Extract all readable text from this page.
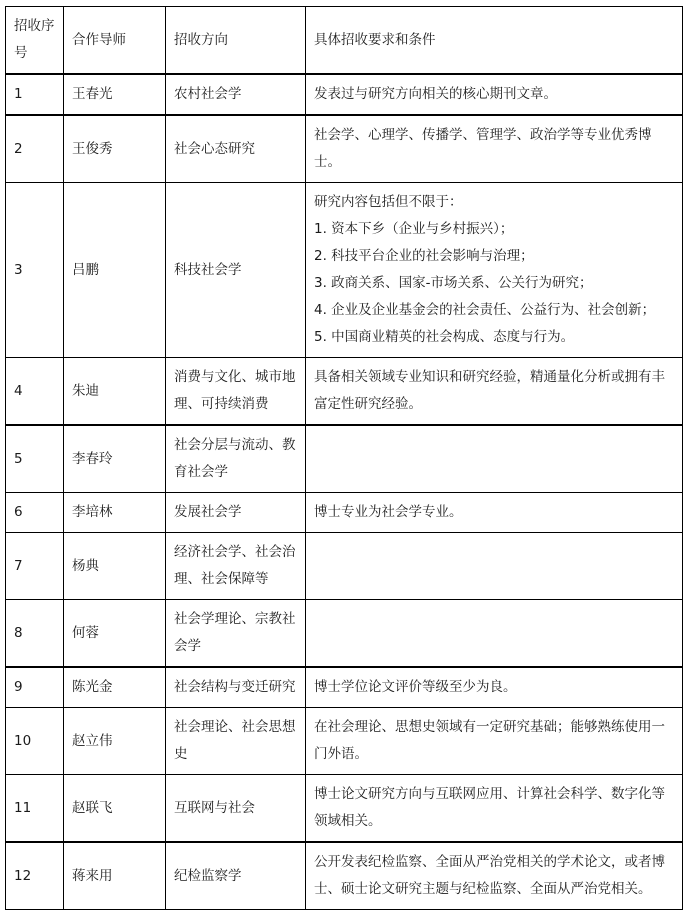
招收序号	合作导师	招收方向	具体招收要求和条件
1	王春光	农村社会学	发表过与研究方向相关的核心期刊文章。

2	王俊秀	社会心态研究	社会学、心理学、传播学、管理学、政治学等专业优秀博士。

3	吕鹏	科技社会学	
研究内容包括但不限于：
1. 资本下乡（企业与乡村振兴）；
2. 科技平台企业的社会影响与治理；
3. 政商关系、国家-市场关系、公关行为研究；
4. 企业及企业基金会的社会责任、公益行为、社会创新；
5. 中国商业精英的社会构成、态度与行为。

4	朱迪	消费与文化、城市地理、可持续消费	具备相关领域专业知识和研究经验，精通量化分析或拥有丰富定性研究经验。

5	李春玲	社会分层与流动、教育社会学	

6	李培林	发展社会学	博士专业为社会学专业。

7	杨典	经济社会学、社会治理、社会保障等	

8	何蓉	社会学理论、宗教社会学	

9	陈光金	社会结构与变迁研究	博士学位论文评价等级至少为良。

10	赵立伟	社会理论、社会思想史	在社会理论、思想史领域有一定研究基础；能够熟练使用一门外语。

11	赵联飞	互联网与社会	博士论文研究方向与互联网应用、计算社会科学、数字化等领域相关。

12	蒋来用	纪检监察学	公开发表纪检监察、全面从严治党相关的学术论文，或者博士、硕士论文研究主题与纪检监察、全面从严治党相关。
